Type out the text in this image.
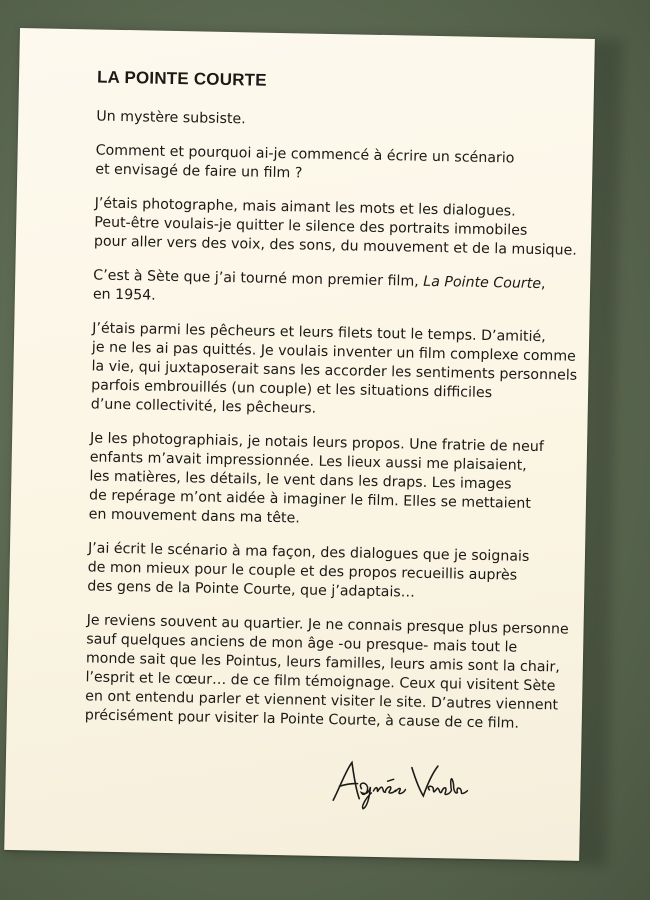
LA POINTE COURTE
Un mystère subsiste.
Comment et pourquoi ai-je commencé à écrire un scénario
et envisagé de faire un film ?
J’étais photographe, mais aimant les mots et les dialogues.
Peut-être voulais-je quitter le silence des portraits immobiles
pour aller vers des voix, des sons, du mouvement et de la musique.
C’est à Sète que j’ai tourné mon premier film, La Pointe Courte,
en 1954.
J’étais parmi les pêcheurs et leurs filets tout le temps. D’amitié,
je ne les ai pas quittés. Je voulais inventer un film complexe comme
la vie, qui juxtaposerait sans les accorder les sentiments personnels
parfois embrouillés (un couple) et les situations difficiles
d’une collectivité, les pêcheurs.
Je les photographiais, je notais leurs propos. Une fratrie de neuf
enfants m’avait impressionnée. Les lieux aussi me plaisaient,
les matières, les détails, le vent dans les draps. Les images
de repérage m’ont aidée à imaginer le film. Elles se mettaient
en mouvement dans ma tête.
J’ai écrit le scénario à ma façon, des dialogues que je soignais
de mon mieux pour le couple et des propos recueillis auprès
des gens de la Pointe Courte, que j’adaptais…
Je reviens souvent au quartier. Je ne connais presque plus personne
sauf quelques anciens de mon âge -ou presque- mais tout le
monde sait que les Pointus, leurs familles, leurs amis sont la chair,
l’esprit et le cœur… de ce film témoignage. Ceux qui visitent Sète
en ont entendu parler et viennent visiter le site. D’autres viennent
précisément pour visiter la Pointe Courte, à cause de ce film.
